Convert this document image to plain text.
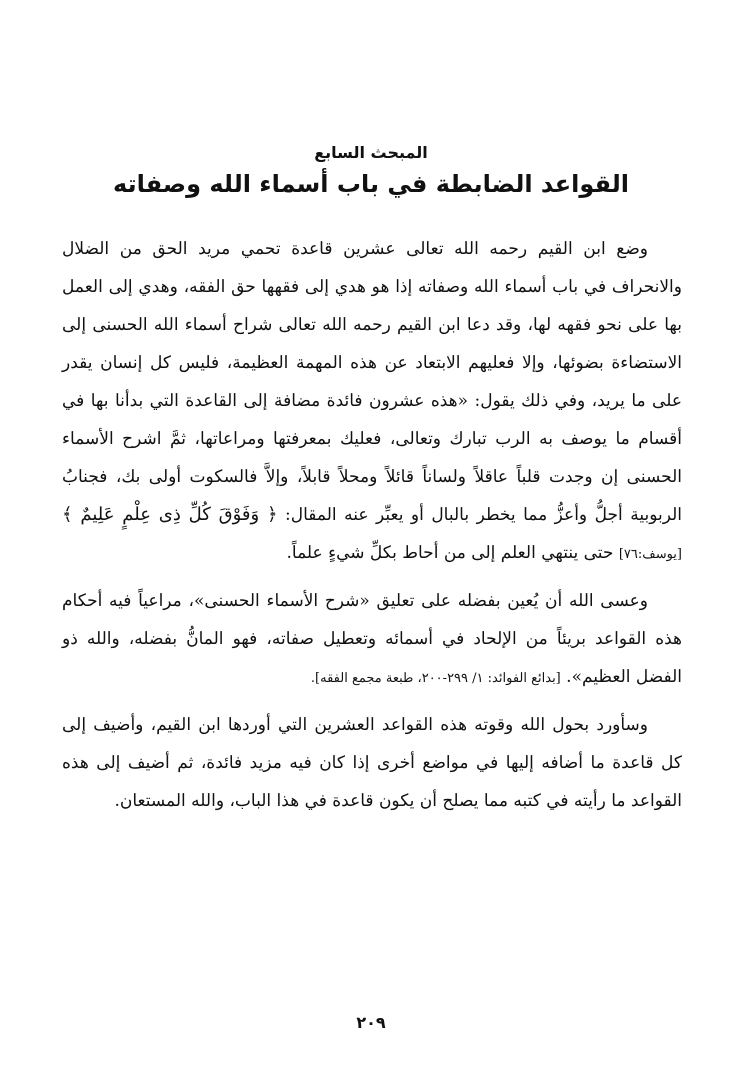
المبحث السابع
القواعد الضابطة في باب أسماء الله وصفاته

وضع ابن القيم رحمه الله تعالى عشرين قاعدة تحمي مريد الحق من الضلال والانحراف في باب أسماء الله وصفاته إذا هو هدي إلى فقهها حق الفقه، وهدي إلى العمل بها على نحو فقهه لها، وقد دعا ابن القيم رحمه الله تعالى شراح أسماء الله الحسنى إلى الاستضاءة بضوئها، وإلا فعليهم الابتعاد عن هذه المهمة العظيمة، فليس كل إنسان يقدر على ما يريد، وفي ذلك يقول: «هذه عشرون فائدة مضافة إلى القاعدة التي بدأنا بها في أقسام ما يوصف به الرب تبارك وتعالى، فعليك بمعرفتها ومراعاتها، ثمَّ اشرح الأسماء الحسنى إن وجدت قلباً عاقلاً ولساناً قائلاً ومحلاً قابلاً، وإلاَّ فالسكوت أولى بك، فجنابُ الربوبية أجلُّ وأعزُّ مما يخطر بالبال أو يعبِّر عنه المقال: ﴿ وَفَوْقَ كُلِّ ذِى عِلْمٍ عَلِيمٌ ﴾ [يوسف:٧٦] حتى ينتهي العلم إلى من أحاط بكلِّ شيءٍ علماً.

وعسى الله أن يُعين بفضله على تعليق «شرح الأسماء الحسنى»، مراعياً فيه أحكام هذه القواعد بريئاً من الإلحاد في أسمائه وتعطيل صفاته، فهو المانُّ بفضله، والله ذو الفضل العظيم». [بدائع الفوائد: ١/ ٢٩٩-٢٠٠، طبعة مجمع الفقه].

وسأورد بحول الله وقوته هذه القواعد العشرين التي أوردها ابن القيم، وأضيف إلى كل قاعدة ما أضافه إليها في مواضع أخرى إذا كان فيه مزيد فائدة، ثم أضيف إلى هذه القواعد ما رأيته في كتبه مما يصلح أن يكون قاعدة في هذا الباب، والله المستعان.

٢٠٩
